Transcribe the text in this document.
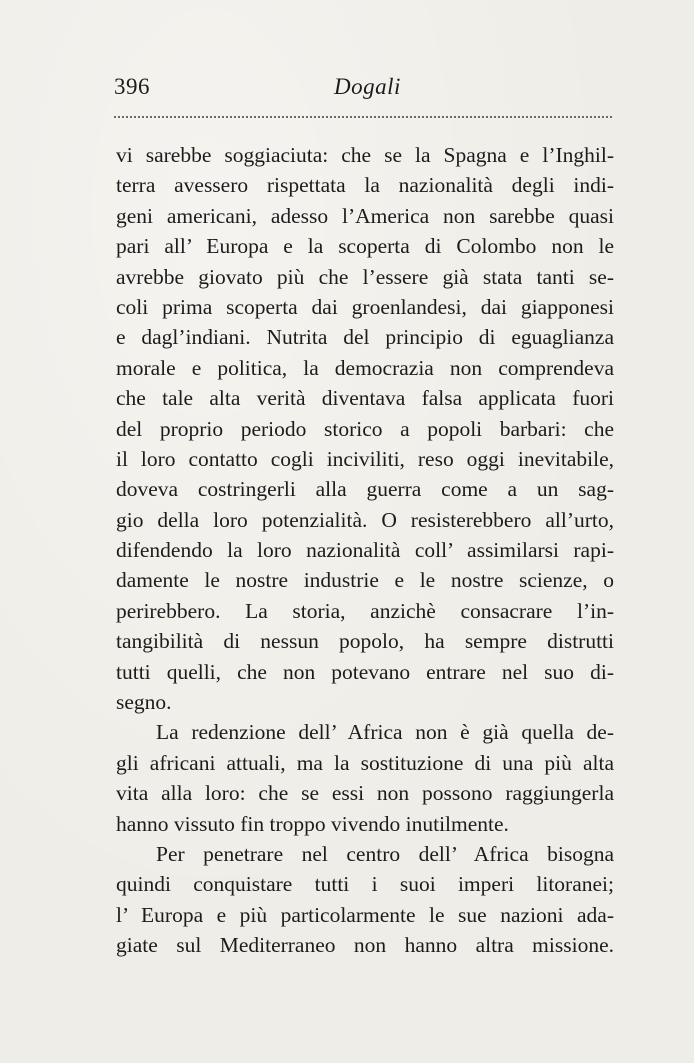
396	Dogali
vi sarebbe soggiaciuta: che se la Spagna e l’Inghil-
terra avessero rispettata la nazionalità degli indi-
geni americani, adesso l’America non sarebbe quasi
pari all’ Europa e la scoperta di Colombo non le
avrebbe giovato più che l’essere già stata tanti se-
coli prima scoperta dai groenlandesi, dai giapponesi
e dagl’indiani. Nutrita del principio di eguaglianza
morale e politica, la democrazia non comprendeva
che tale alta verità diventava falsa applicata fuori
del proprio periodo storico a popoli barbari: che
il loro contatto cogli inciviliti, reso oggi inevitabile,
doveva costringerli alla guerra come a un sag-
gio della loro potenzialità. O resisterebbero all’urto,
difendendo la loro nazionalità coll’ assimilarsi rapi-
damente le nostre industrie e le nostre scienze, o
perirebbero. La storia, anzichè consacrare l’in-
tangibilità di nessun popolo, ha sempre distrutti
tutti quelli, che non potevano entrare nel suo di-
segno.
La redenzione dell’ Africa non è già quella de-
gli africani attuali, ma la sostituzione di una più alta
vita alla loro: che se essi non possono raggiungerla
hanno vissuto fin troppo vivendo inutilmente.
Per penetrare nel centro dell’ Africa bisogna
quindi conquistare tutti i suoi imperi litoranei;
l’ Europa e più particolarmente le sue nazioni ada-
giate sul Mediterraneo non hanno altra missione.
